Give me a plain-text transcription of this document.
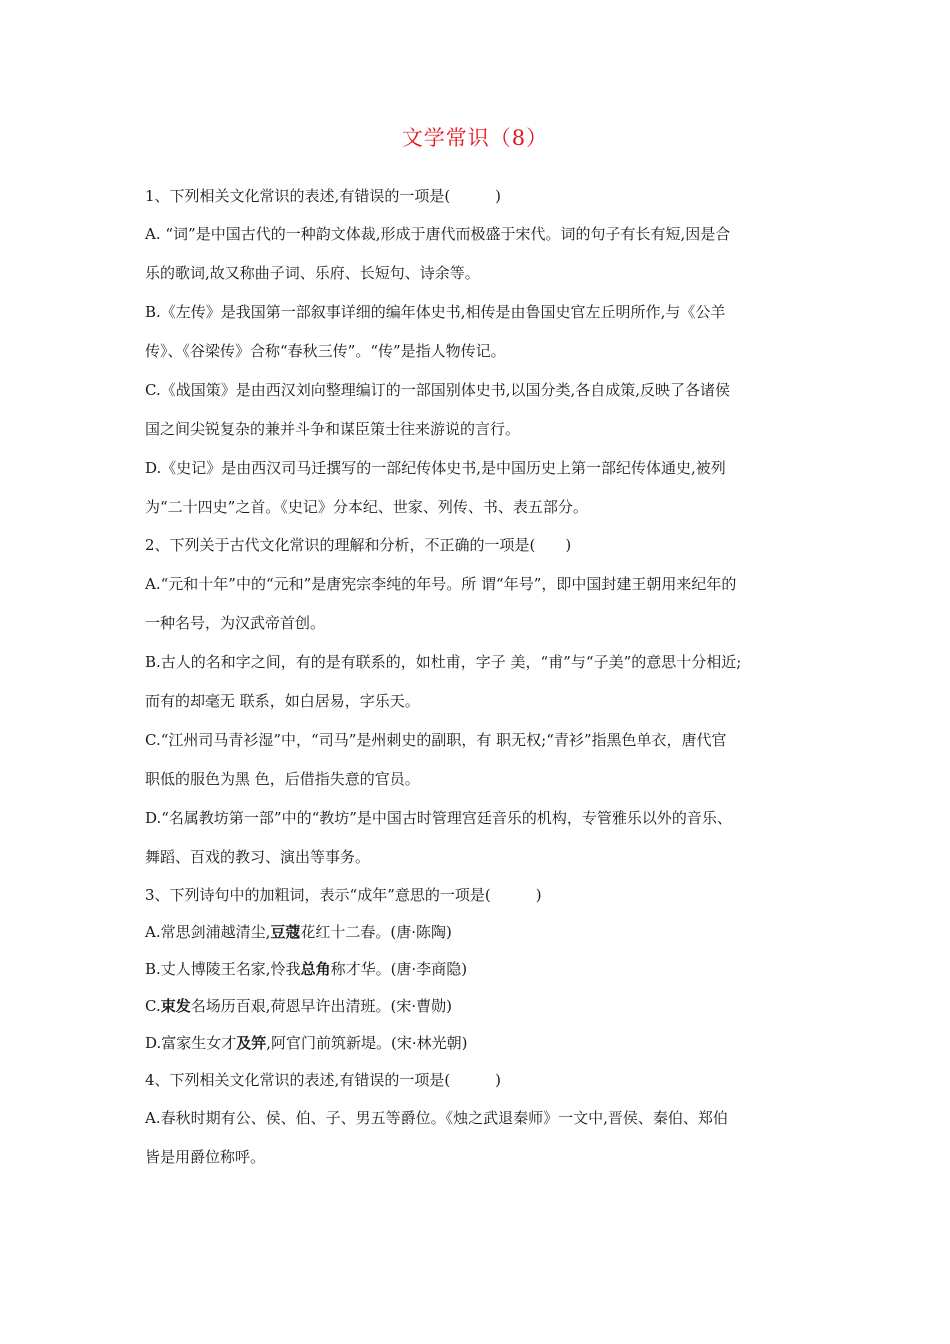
文学常识（8）
1、下列相关文化常识的表述,有错误的一项是(　　　)
A. “词”是中国古代的一种韵文体裁,形成于唐代而极盛于宋代。词的句子有长有短,因是合
乐的歌词,故又称曲子词、乐府、长短句、诗余等。
B.《左传》是我国第一部叙事详细的编年体史书,相传是由鲁国史官左丘明所作,与《公羊
传》、《谷梁传》合称“春秋三传”。“传”是指人物传记。
C.《战国策》是由西汉刘向整理编订的一部国别体史书,以国分类,各自成策,反映了各诸侯
国之间尖锐复杂的兼并斗争和谋臣策士往来游说的言行。
D.《史记》是由西汉司马迁撰写的一部纪传体史书,是中国历史上第一部纪传体通史,被列
为“二十四史”之首。《史记》分本纪、世家、列传、书、表五部分。
2、下列关于古代文化常识的理解和分析，不正确的一项是(　　)
A.“元和十年”中的“元和”是唐宪宗李纯的年号。所 谓“年号”，即中国封建王朝用来纪年的
一种名号，为汉武帝首创。
B.古人的名和字之间，有的是有联系的，如杜甫，字子 美，“甫”与“子美”的意思十分相近;
而有的却毫无 联系，如白居易，字乐天。
C.“江州司马青衫湿”中，“司马”是州刺史的副职，有 职无权;“青衫”指黑色单衣，唐代官
职低的服色为黑 色，后借指失意的官员。
D.“名属教坊第一部”中的“教坊”是中国古时管理宫廷音乐的机构，专管雅乐以外的音乐、
舞蹈、百戏的教习、演出等事务。
3、下列诗句中的加粗词，表示“成年”意思的一项是(　　　)
A.常思剑浦越清尘,豆蔻花红十二春。(唐·陈陶)
B.丈人博陵王名家,怜我总角称才华。(唐·李商隐)
C.束发名场历百艰,荷恩早许出清班。(宋·曹勋)
D.富家生女才及笄,阿官门前筑新堤。(宋·林光朝)
4、下列相关文化常识的表述,有错误的一项是(　　　)
A.春秋时期有公、侯、伯、子、男五等爵位。《烛之武退秦师》一文中,晋侯、秦伯、郑伯
皆是用爵位称呼。
